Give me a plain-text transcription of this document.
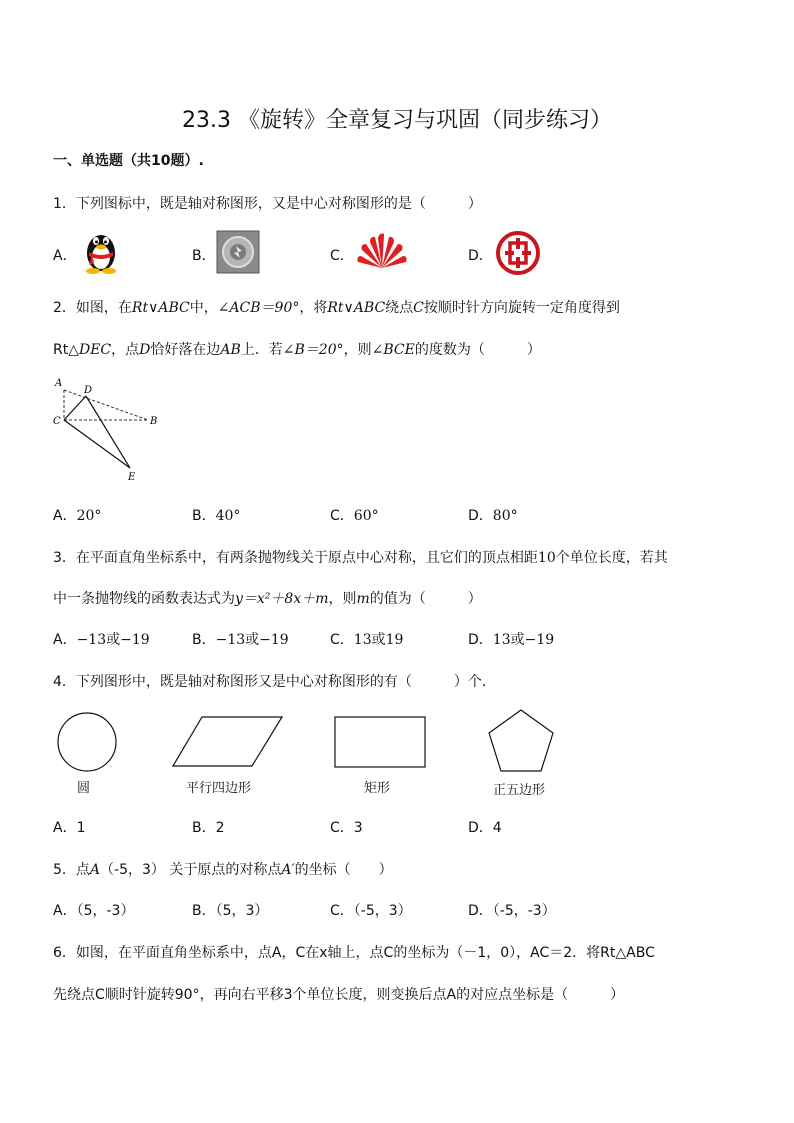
23.3 《旋转》全章复习与巩固（同步练习）
一、单选题（共10题）.
1．下列图标中，既是轴对称图形，又是中心对称图形的是（　　　）
A．	B．	C．	D．
2．如图，在Rt∨ABC中，∠ACB＝90°，将Rt∨ABC绕点C按顺时针方向旋转一定角度得到
Rt△DEC，点D恰好落在边AB上．若∠B＝20°，则∠BCE的度数为（　　　）
A
D
C	B
E
A．20°	B．40°	C．60°	D．80°
3．在平面直角坐标系中，有两条抛物线关于原点中心对称，且它们的顶点相距10个单位长度，若其
中一条抛物线的函数表达式为y＝x²＋8x＋m，则m的值为（　　　）
A．−13或−19	B．−13或−19	C．13或19	D．13或−19
4．下列图形中，既是轴对称图形又是中心对称图形的有（　　　）个．
圆	平行四边形	矩形	正五边形
A．1	B．2	C．3	D．4
5．点A（-5，3） 关于原点的对称点A′的坐标（　　）
A．（5，-3）	B．（5，3）	C．（-5，3）	D．（-5，-3）
6．如图，在平面直角坐标系中，点A，C在x轴上，点C的坐标为（－1，0），AC＝2．将Rt△ABC
先绕点C顺时针旋转90°，再向右平移3个单位长度，则变换后点A的对应点坐标是（　　　）
